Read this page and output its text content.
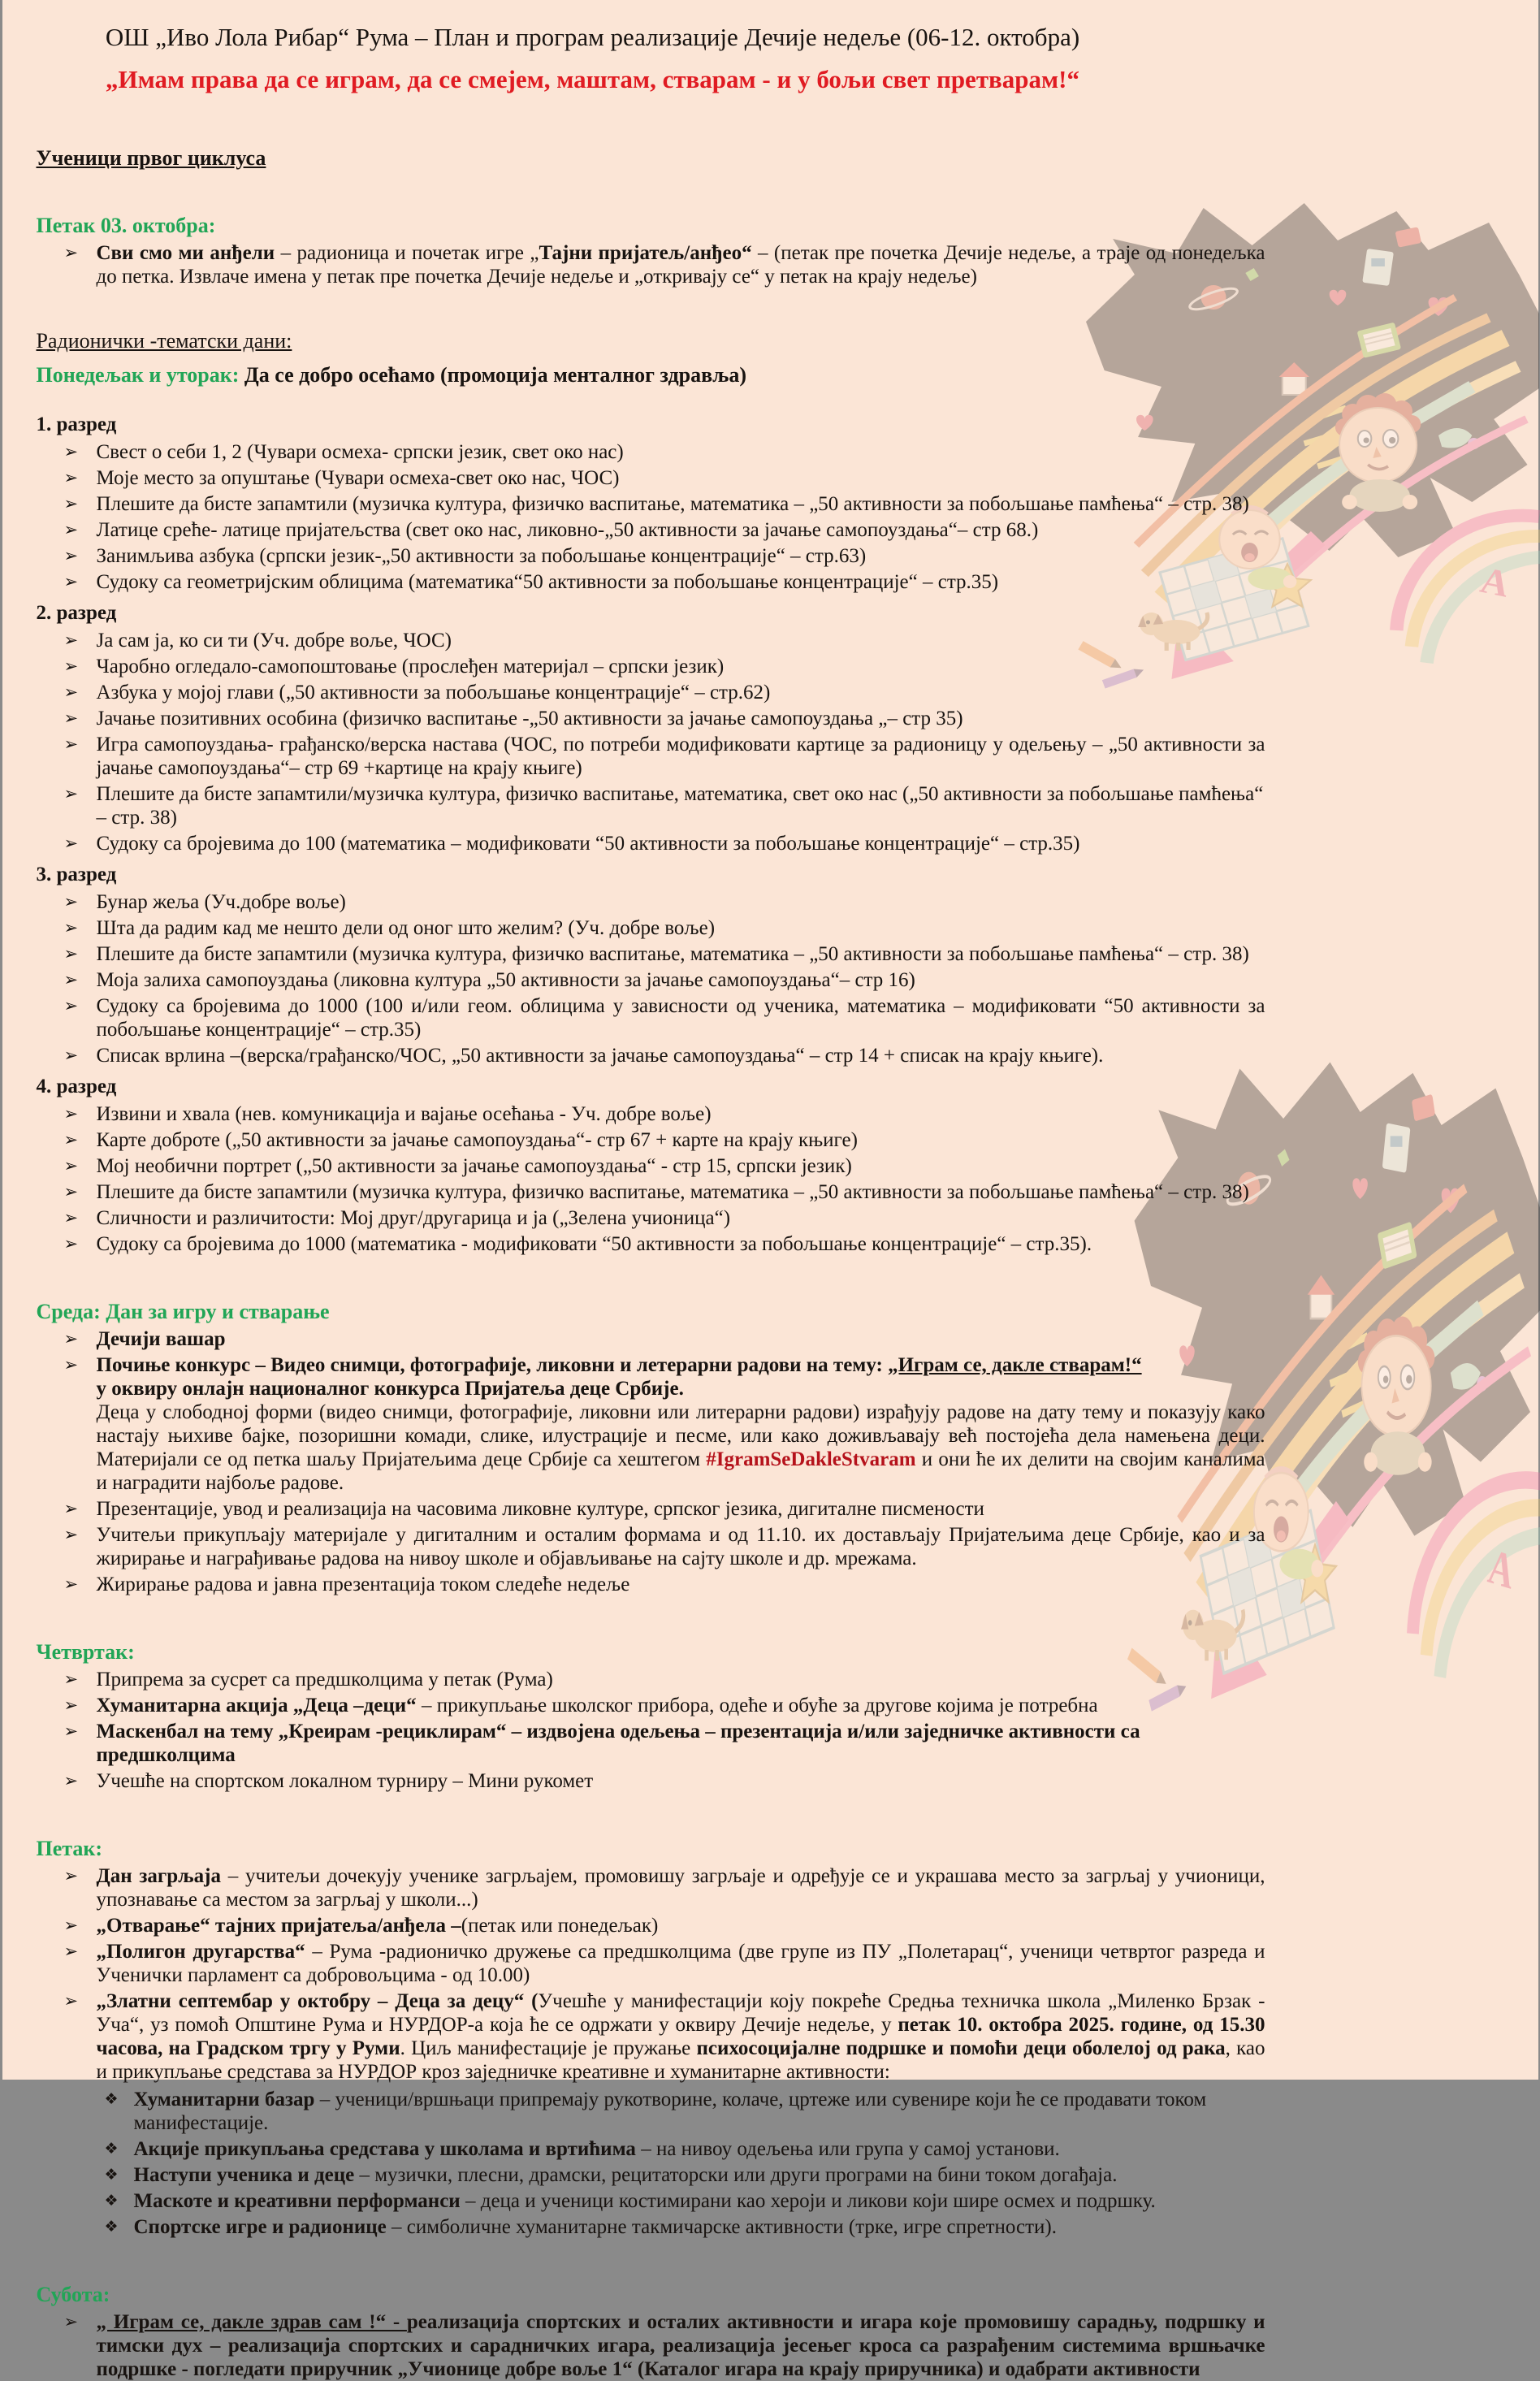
ОШ „Иво Лола Рибар“ Рума – План и програм реализације Дечије недеље (06-12. октобра)
„Имам права да се играм, да се смејем, маштам, стварам - и у бољи свет претварам!“
Ученици првог циклуса
Петак 03. октобра:
➢ Сви смо ми анђели – радионица и почетак игре „Тајни пријатељ/анђео“ – (петак пре почетка Дечије недеље, а траје од понедељка до петка. Извлаче имена у петак пре почетка Дечије недеље и „откривају се“ у петак на крају недеље)
Радионички -тематски дани:
Понедељак и уторак: Да се добро осећамо (промоција менталног здравља)
1. разред
➢ Свест о себи 1, 2 (Чувари осмеха- српски језик, свет око нас)
➢ Моје место за опуштање (Чувари осмеха-свет око нас, ЧОС)
➢ Плешите да бисте запамтили (музичка култура, физичко васпитање, математика – „50 активности за побољшање памћења“ – стр. 38)
➢ Латице среће- латице пријатељства (свет око нас, ликовно-„50 активности за јачање самопоуздања“– стр 68.)
➢ Занимљива азбука (српски језик-„50 активности за побољшање концентрације“ – стр.63)
➢ Судоку са геометријским облицима (математика“50 активности за побољшање концентрације“ – стр.35)
2. разред
➢ Ја сам ја, ко си ти (Уч. добре воље, ЧОС)
➢ Чаробно огледало-самопоштовање (прослеђен материјал – српски језик)
➢ Азбука у мојој глави („50 активности за побољшање концентрације“ – стр.62)
➢ Јачање позитивних особина (физичко васпитање -„50 активности за јачање самопоуздања „– стр 35)
➢ Игра самопоуздања- грађанско/верска настава (ЧОС, по потреби модификовати картице за радионицу у одељењу – „50 активности за јачање самопоуздања“– стр 69 +картице на крају књиге)
➢ Плешите да бисте запамтили/музичка култура, физичко васпитање, математика, свет око нас („50 активности за побољшање памћења“ – стр. 38)
➢ Судоку са бројевима до 100 (математика – модификовати “50 активности за побољшање концентрације“ – стр.35)
3. разред
➢ Бунар жеља (Уч.добре воље)
➢ Шта да радим кад ме нешто дели од оног што желим? (Уч. добре воље)
➢ Плешите да бисте запамтили (музичка култура, физичко васпитање, математика – „50 активности за побољшање памћења“ – стр. 38)
➢ Моја залиха самопоуздања (ликовна култура „50 активности за јачање самопоуздања“– стр 16)
➢ Судоку са бројевима до 1000 (100 и/или геом. облицима у зависности од ученика, математика – модификовати “50 активности за побољшање концентрације“ – стр.35)
➢ Списак врлина –(верска/грађанско/ЧОС, „50 активности за јачање самопоуздања“ – стр 14 + списак на крају књиге).
4. разред
➢ Извини и хвала (нев. комуникација и вајање осећања - Уч. добре воље)
➢ Карте доброте („50 активности за јачање самопоуздања“- стр 67 + карте на крају књиге)
➢ Мој необични портрет („50 активности за јачање самопоуздања“ - стр 15, српски језик)
➢ Плешите да бисте запамтили (музичка култура, физичко васпитање, математика – „50 активности за побољшање памћења“ – стр. 38)
➢ Сличности и различитости: Мој друг/другарица и ја („Зелена учионица“)
➢ Судоку са бројевима до 1000 (математика - модификовати “50 активности за побољшање концентрације“ – стр.35).
Среда: Дан за игру и стварање
➢ Дечији вашар
➢ Почиње конкурс – Видео снимци, фотографије, ликовни и летерарни радови на тему: „Играм се, дакле стварам!“
у оквиру онлајн националног конкурса Пријатеља деце Србије.
Деца у слободној форми (видео снимци, фотографије, ликовни или литерарни радови) израђују радове на дату тему и показују како настају њихиве бајке, позоришни комади, слике, илустрације и песме, или како доживљавају већ постојећа дела намењена деци. Материјали се од петка шаљу Пријатељима деце Србије са хештегом #IgramSeDakleStvaram и они ће их делити на својим каналима и наградити најбоље радове.
➢ Презентације, увод и реализација на часовима ликовне културе, српског језика, дигиталне писмености
➢ Учитељи прикупљају материјале у дигиталним и осталим формама и од 11.10. их достављају Пријатељима деце Србије, као и за жирирање и награђивање радова на нивоу школе и објављивање на сајту школе и др. мрежама.
➢ Жирирање радова и јавна презентација током следеће недеље
Четвртак:
➢ Припрема за сусрет са предшколцима у петак (Рума)
➢ Хуманитарна акција „Деца –деци“ – прикупљање школског прибора, одеће и обуће за другове којима је потребна
➢ Маскенбал на тему „Креирам -рециклирам“ – издвојена одељења – презентација и/или заједничке активности са предшколцима
➢ Учешће на спортском локалном турниру – Мини рукомет
Петак:
➢ Дан загрљаја – учитељи дочекују ученике загрљајем, промовишу загрљаје и одређује се и украшава место за загрљај у учионици, упознавање са местом за загрљај у школи...)
➢ „Отварање“ тајних пријатеља/анђела –(петак или понедељак)
➢ „Полигон другарства“ – Рума -радионичко дружење са предшколцима (две групе из ПУ „Полетарац“, ученици четвртог разреда и Ученички парламент са добровољцима - од 10.00)
➢ „Златни септембар у октобру – Деца за децу“ (Учешће у манифестацији коју покреће Средња техничка школа „Миленко Брзак - Уча“, уз помоћ Општине Рума и НУРДОР-а која ће се одржати у оквиру Дечије недеље, у петак 10. октобра 2025. године, од 15.30 часова, на Градском тргу у Руми. Циљ манифестације је пружање психосоцијалне подршке и помоћи деци оболелој од рака, као и прикупљање средстава за НУРДОР кроз заједничке креативне и хуманитарне активности:
❖ Хуманитарни базар – ученици/вршњаци припремају рукотворине, колаче, цртеже или сувенире који ће се продавати током манифестације.
❖ Акције прикупљања средстава у школама и вртићима – на нивоу одељења или група у самој установи.
❖ Наступи ученика и деце – музички, плесни, драмски, рецитаторски или други програми на бини током догађаја.
❖ Маскоте и креативни перформанси – деца и ученици костимирани као хероји и ликови који шире осмех и подршку.
❖ Спортске игре и радионице – симболичне хуманитарне такмичарске активности (трке, игре спретности).
Субота:
➢ „ Играм се, дакле здрав сам !“ - реализација спортских и осталих активности и игара које промовишу сарадњу, подршку и тимски дух – реализација спортских и сарадничких игара, реализација јесењег кроса са разрађеним системима вршњачке подршке - погледати приручник „Учионице добре воље 1“ (Каталог игара на крају приручника) и одабрати активности
